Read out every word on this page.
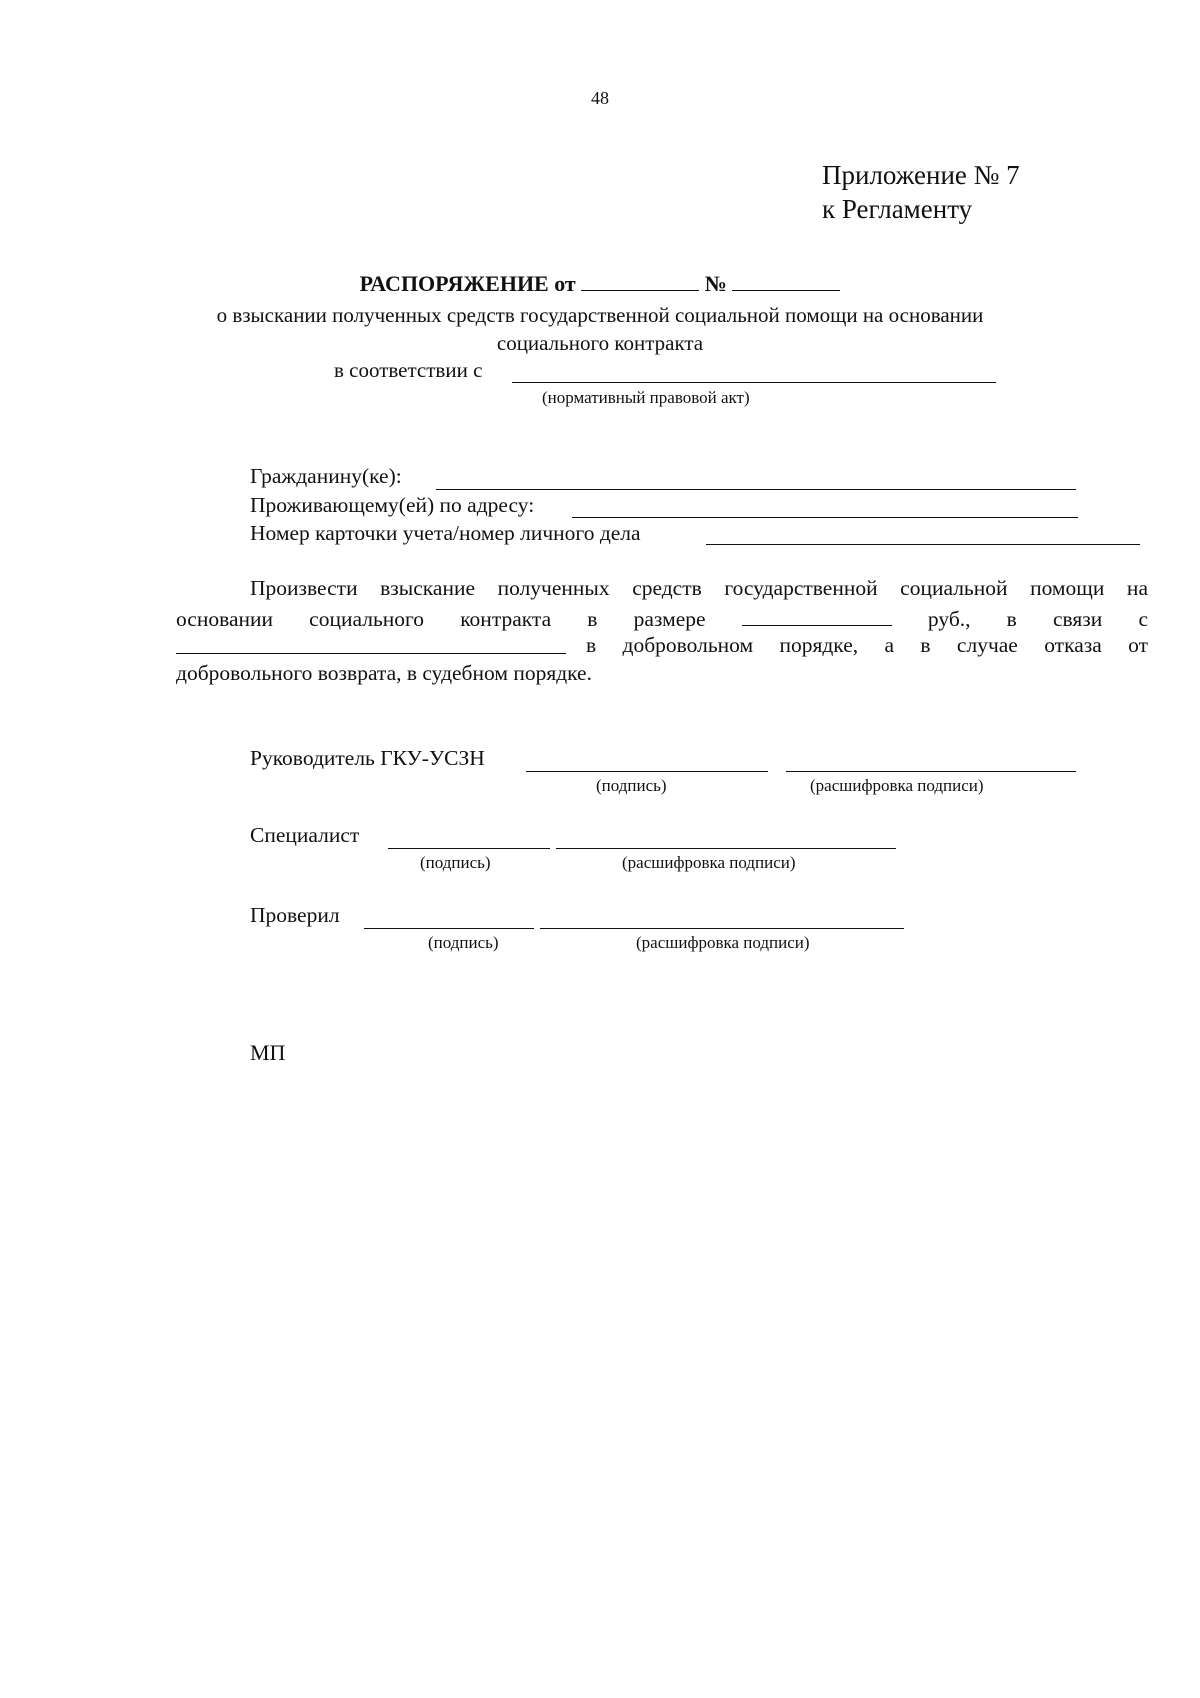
48
Приложение № 7
к Регламенту
РАСПОРЯЖЕНИЕ от	№
о взыскании полученных средств государственной социальной помощи на основании
социального контракта
в соответствии с
(нормативный правовой акт)
Гражданину(ке):
Проживающему(ей) по адресу:
Номер карточки учета/номер личного дела
Произвести взыскание полученных средств государственной социальной помощи на
основании социального контракта в размере	руб., в связи с
в добровольном порядке, а в случае отказа от
добровольного возврата, в судебном порядке.
Руководитель ГКУ-УСЗН
(подпись)	(расшифровка подписи)
Специалист
(подпись)	(расшифровка подписи)
Проверил
(подпись)	(расшифровка подписи)
МП
